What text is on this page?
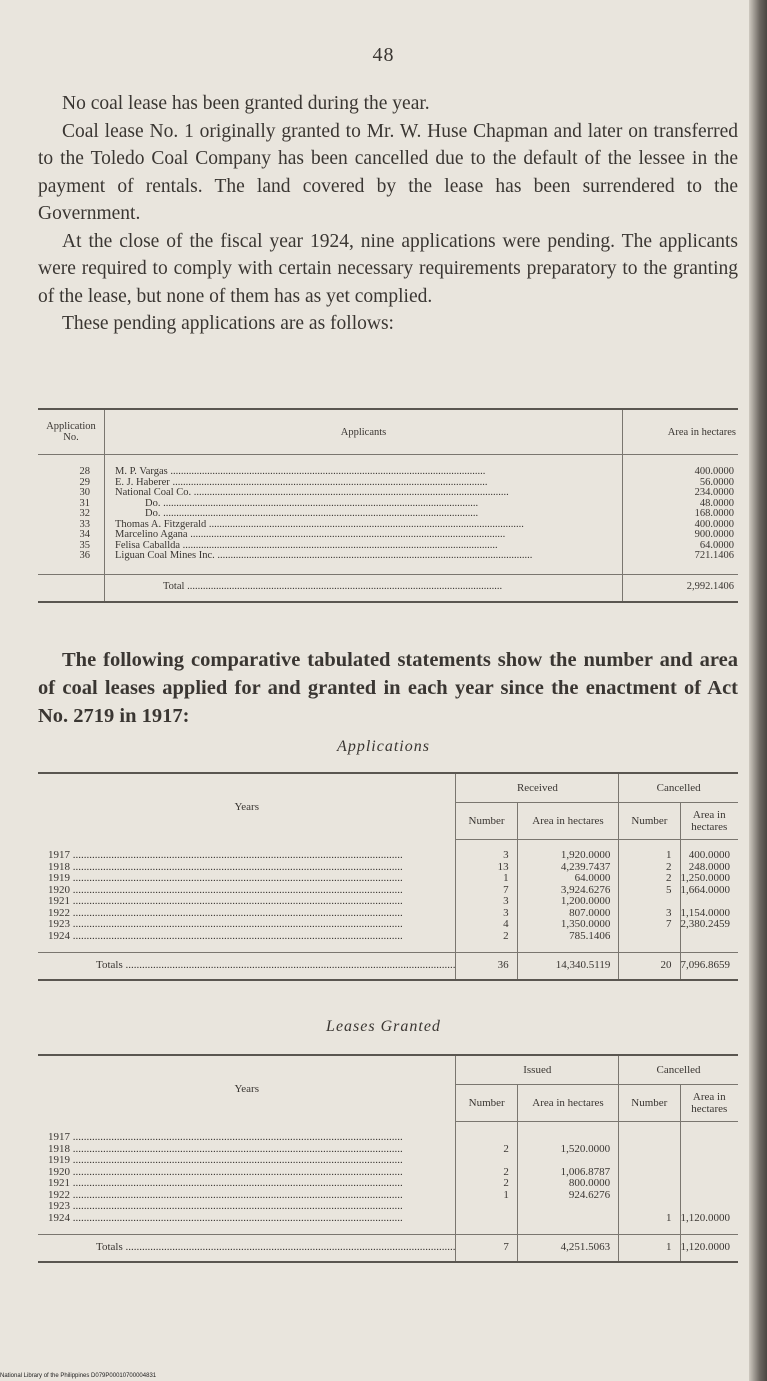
48

No coal lease has been granted during the year.

Coal lease No. 1 originally granted to Mr. W. Huse Chapman and later on transferred to the Toledo Coal Company has been cancelled due to the default of the lessee in the payment of rentals. The land covered by the lease has been surrendered to the Government.

At the close of the fiscal year 1924, nine applications were pending. The applicants were required to comply with certain necessary requirements preparatory to the granting of the lease, but none of them has as yet complied.

These pending applications are as follows:

Application No.	Applicants	Area in hectares

28	M. P. Vargas .....	400.0000
29	E. J. Haberer .....	56.0000
30	National Coal Co. .....	234.0000
31	Do. .....	48.0000
32	Do. .....	168.0000
33	Thomas A. Fitzgerald .....	400.0000
34	Marcelino Agana .....	900.0000
35	Felisa Caballda .....	64.0000
36	Liguan Coal Mines Inc. .....	721.1406

	Total .....	2,992.1406

The following comparative tabulated statements show the number and area of coal leases applied for and granted in each year since the enactment of Act No. 2719 in 1917:

Applications
Years	Received		Cancelled	
	Number	Area in hectares	Number	Area in hectares

1917 .....	3	1,920.0000	1	400.0000
1918 .....	13	4,239.7437	2	248.0000
1919 .....	1	64.0000	2	1,250.0000
1920 .....	7	3,924.6276	5	1,664.0000
1921 .....	3	1,200.0000		
1922 .....	3	807.0000	3	1,154.0000
1923 .....	4	1,350.0000	7	2,380.2459
1924 .....	2	785.1406		

Totals .....	36	14,340.5119	20	7,096.8659
Leases Granted
Years	Issued		Cancelled	
	Number	Area in hectares	Number	Area in hectares

1917 .....				
1918 .....	2	1,520.0000		
1919 .....				
1920 .....	2	1,006.8787		
1921 .....	2	800.0000		
1922 .....	1	924.6276		
1923 .....				
1924 .....			1	1,120.0000

Totals .....	7	4,251.5063	1	1,120.0000
National Library of the Philippines D079P00010700004831
